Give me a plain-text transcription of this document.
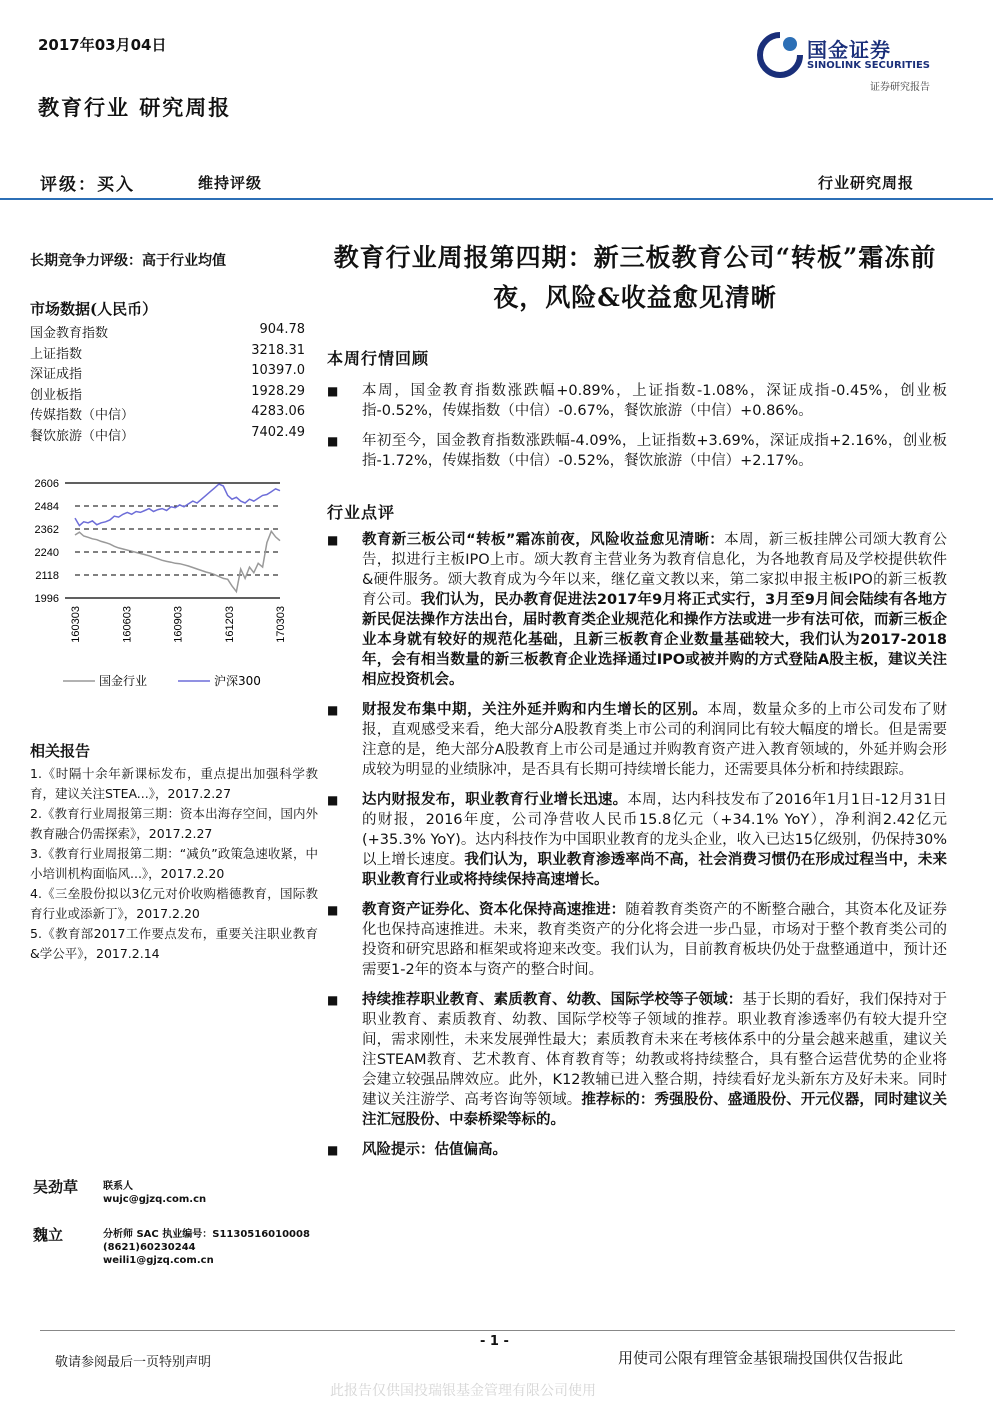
2017年03月04日
教育行业 研究周报
国金证券
SINOLINK SECURITIES
证券研究报告
评级：买入	维持评级	行业研究周报
长期竞争力评级：高于行业均值
市场数据(人民币）
国金教育指数	904.78
上证指数	3218.31
深证成指	10397.0
创业板指	1928.29
传媒指数（中信）	4283.06
餐饮旅游（中信）	7402.49
2606
2484
2362
2240
2118
1996
160303	160603	160903	161203	170303
国金行业	沪深300
相关报告
1.《时隔十余年新课标发布，重点提出加强科学教育，建议关注STEA...》，2017.2.27
2.《教育行业周报第三期：资本出海存空间，国内外教育融合仍需探索》，2017.2.27
3.《教育行业周报第二期：“减负”政策急速收紧，中小培训机构面临风...》，2017.2.20
4.《三垒股份拟以3亿元对价收购楷德教育，国际教育行业或添新丁》，2017.2.20
5.《教育部2017工作要点发布，重要关注职业教育&学公平》，2017.2.14
吴劲草 联系人
wujc@gjzq.com.cn
魏立	分析师 SAC 执业编号：S1130516010008
(8621)60230244
weili1@gjzq.com.cn
教育行业周报第四期：新三板教育公司“转板”霜冻前夜，风险&收益愈见清晰
本周行情回顾
■ 本周，国金教育指数涨跌幅+0.89%，上证指数-1.08%，深证成指-0.45%，创业板指-0.52%，传媒指数（中信）-0.67%，餐饮旅游（中信）+0.86%。
■ 年初至今，国金教育指数涨跌幅-4.09%，上证指数+3.69%，深证成指+2.16%，创业板指-1.72%，传媒指数（中信）-0.52%，餐饮旅游（中信）+2.17%。
行业点评
■ 教育新三板公司“转板”霜冻前夜，风险收益愈见清晰：本周，新三板挂牌公司颂大教育公告，拟进行主板IPO上市。颂大教育主营业务为教育信息化，为各地教育局及学校提供软件&硬件服务。颂大教育成为今年以来，继亿童文教以来，第二家拟申报主板IPO的新三板教育公司。我们认为，民办教育促进法2017年9月将正式实行，3月至9月间会陆续有各地方新民促法操作方法出台，届时教育类企业规范化和操作方法或进一步有法可依，而新三板企业本身就有较好的规范化基础，且新三板教育企业数量基础较大，我们认为2017-2018年，会有相当数量的新三板教育企业选择通过IPO或被并购的方式登陆A股主板，建议关注相应投资机会。
■ 财报发布集中期，关注外延并购和内生增长的区别。本周，数量众多的上市公司发布了财报，直观感受来看，绝大部分A股教育类上市公司的利润同比有较大幅度的增长。但是需要注意的是，绝大部分A股教育上市公司是通过并购教育资产进入教育领域的，外延并购会形成较为明显的业绩脉冲，是否具有长期可持续增长能力，还需要具体分析和持续跟踪。
■ 达内财报发布，职业教育行业增长迅速。本周，达内科技发布了2016年1月1日-12月31日的财报，2016年度，公司净营收人民币15.8亿元（+34.1% YoY），净利润2.42亿元(+35.3% YoY)。达内科技作为中国职业教育的龙头企业，收入已达15亿级别，仍保持30%以上增长速度。我们认为，职业教育渗透率尚不高，社会消费习惯仍在形成过程当中，未来职业教育行业或将持续保持高速增长。
■ 教育资产证券化、资本化保持高速推进：随着教育类资产的不断整合融合，其资本化及证券化也保持高速推进。未来，教育类资产的分化将会进一步凸显，市场对于整个教育类公司的投资和研究思路和框架或将迎来改变。我们认为，目前教育板块仍处于盘整通道中，预计还需要1-2年的资本与资产的整合时间。
■ 持续推荐职业教育、素质教育、幼教、国际学校等子领域：基于长期的看好，我们保持对于职业教育、素质教育、幼教、国际学校等子领域的推荐。职业教育渗透率仍有较大提升空间，需求刚性，未来发展弹性最大；素质教育未来在考核体系中的分量会越来越重，建议关注STEAM教育、艺术教育、体育教育等；幼教或将持续整合，具有整合运营优势的企业将会建立较强品牌效应。此外，K12教辅已进入整合期，持续看好龙头新东方及好未来。同时建议关注游学、高考咨询等领域。推荐标的：秀强股份、盛通股份、开元仪器，同时建议关注汇冠股份、中泰桥梁等标的。
■ 风险提示：估值偏高。
- 1 -
敬请参阅最后一页特别声明	用使司公限有理管金基银瑞投国供仅告报此
此报告仅供国投瑞银基金管理有限公司使用
